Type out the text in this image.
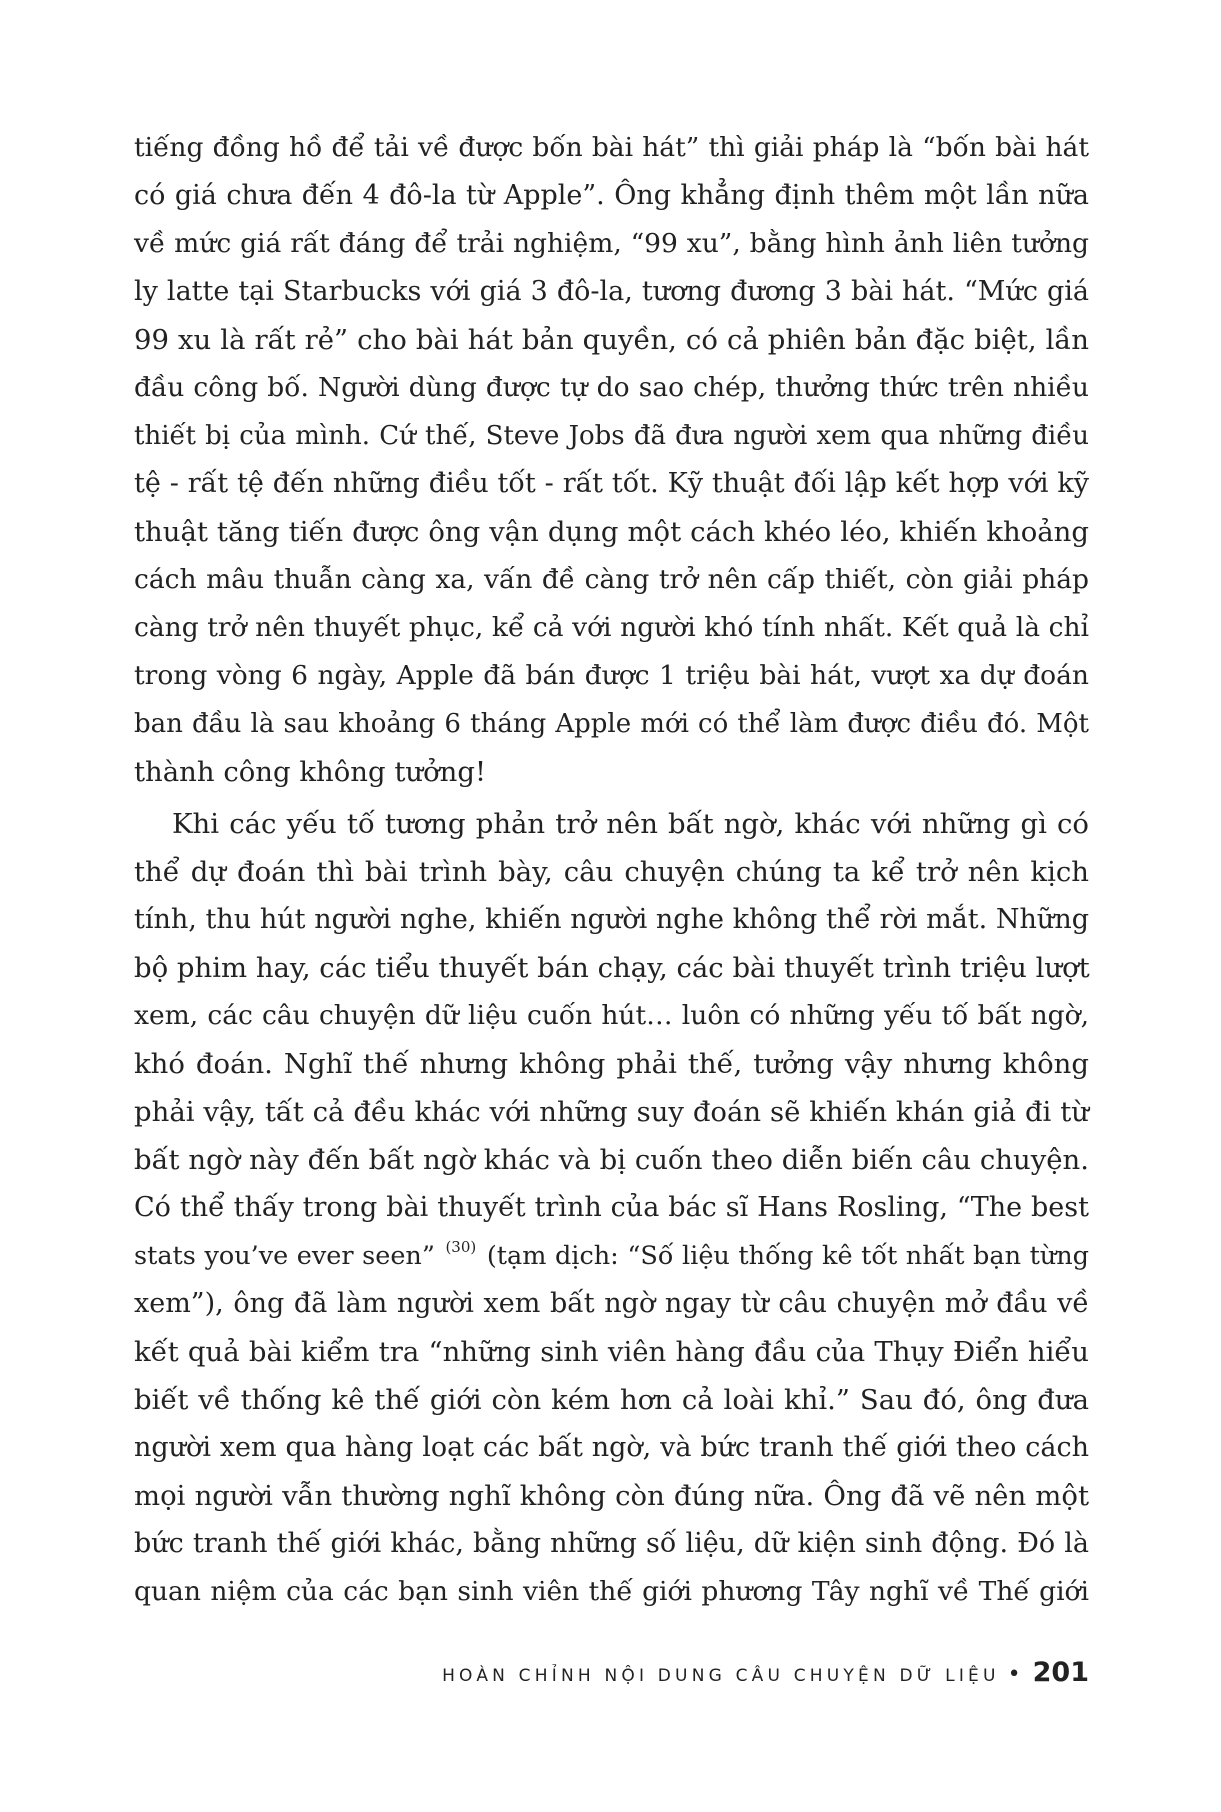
tiếng đồng hồ để tải về được bốn bài hát” thì giải pháp là “bốn bài hát
có giá chưa đến 4 đô-la từ Apple”. Ông khẳng định thêm một lần nữa
về mức giá rất đáng để trải nghiệm, “99 xu”, bằng hình ảnh liên tưởng
ly latte tại Starbucks với giá 3 đô-la, tương đương 3 bài hát. “Mức giá
99 xu là rất rẻ” cho bài hát bản quyền, có cả phiên bản đặc biệt, lần
đầu công bố. Người dùng được tự do sao chép, thưởng thức trên nhiều
thiết bị của mình. Cứ thế, Steve Jobs đã đưa người xem qua những điều
tệ - rất tệ đến những điều tốt - rất tốt. Kỹ thuật đối lập kết hợp với kỹ
thuật tăng tiến được ông vận dụng một cách khéo léo, khiến khoảng
cách mâu thuẫn càng xa, vấn đề càng trở nên cấp thiết, còn giải pháp
càng trở nên thuyết phục, kể cả với người khó tính nhất. Kết quả là chỉ
trong vòng 6 ngày, Apple đã bán được 1 triệu bài hát, vượt xa dự đoán
ban đầu là sau khoảng 6 tháng Apple mới có thể làm được điều đó. Một
thành công không tưởng!
Khi các yếu tố tương phản trở nên bất ngờ, khác với những gì có
thể dự đoán thì bài trình bày, câu chuyện chúng ta kể trở nên kịch
tính, thu hút người nghe, khiến người nghe không thể rời mắt. Những
bộ phim hay, các tiểu thuyết bán chạy, các bài thuyết trình triệu lượt
xem, các câu chuyện dữ liệu cuốn hút… luôn có những yếu tố bất ngờ,
khó đoán. Nghĩ thế nhưng không phải thế, tưởng vậy nhưng không
phải vậy, tất cả đều khác với những suy đoán sẽ khiến khán giả đi từ
bất ngờ này đến bất ngờ khác và bị cuốn theo diễn biến câu chuyện.
Có thể thấy trong bài thuyết trình của bác sĩ Hans Rosling, “The best
stats you’ve ever seen” $^{(30)}$ (tạm dịch: “Số liệu thống kê tốt nhất bạn từng
xem”), ông đã làm người xem bất ngờ ngay từ câu chuyện mở đầu về
kết quả bài kiểm tra “những sinh viên hàng đầu của Thụy Điển hiểu
biết về thống kê thế giới còn kém hơn cả loài khỉ.” Sau đó, ông đưa
người xem qua hàng loạt các bất ngờ, và bức tranh thế giới theo cách
mọi người vẫn thường nghĩ không còn đúng nữa. Ông đã vẽ nên một
bức tranh thế giới khác, bằng những số liệu, dữ kiện sinh động. Đó là
quan niệm của các bạn sinh viên thế giới phương Tây nghĩ về Thế giới
HOÀN CHỈNH NỘI DUNG CÂU CHUYỆN DỮ LIỆU • 201
